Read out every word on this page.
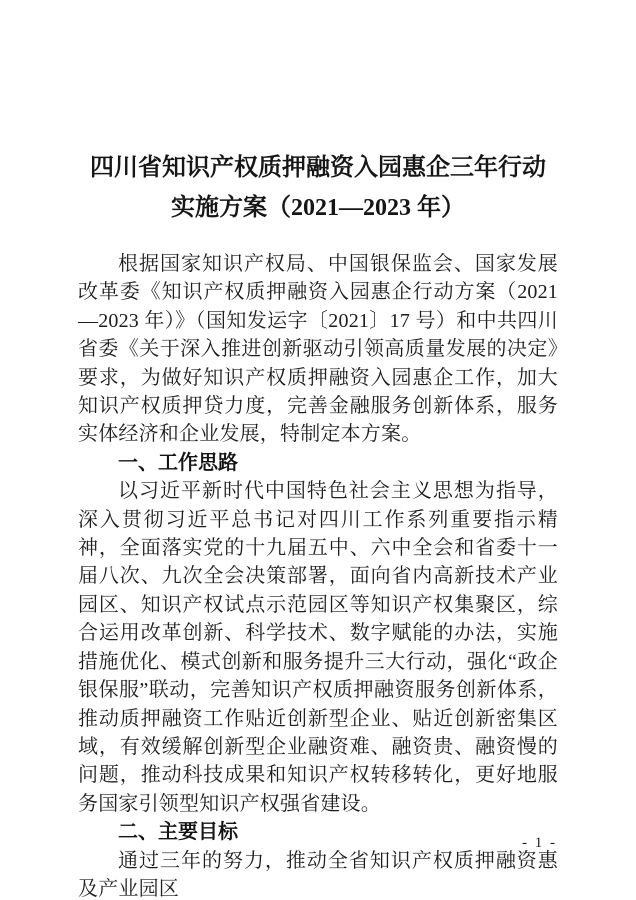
四川省知识产权质押融资入园惠企三年行动
实施方案（2021—2023 年）

根据国家知识产权局、中国银保监会、国家发展改革委《知识产权质押融资入园惠企行动方案（2021—2023 年）》（国知发运字〔2021〕17 号）和中共四川省委《关于深入推进创新驱动引领高质量发展的决定》要求，为做好知识产权质押融资入园惠企工作，加大知识产权质押贷力度，完善金融服务创新体系，服务实体经济和企业发展，特制定本方案。

一、工作思路

以习近平新时代中国特色社会主义思想为指导，深入贯彻习近平总书记对四川工作系列重要指示精神，全面落实党的十九届五中、六中全会和省委十一届八次、九次全会决策部署，面向省内高新技术产业园区、知识产权试点示范园区等知识产权集聚区，综合运用改革创新、科学技术、数字赋能的办法，实施措施优化、模式创新和服务提升三大行动，强化“政企银保服”联动，完善知识产权质押融资服务创新体系，推动质押融资工作贴近创新型企业、贴近创新密集区域，有效缓解创新型企业融资难、融资贵、融资慢的问题，推动科技成果和知识产权转移转化，更好地服务国家引领型知识产权强省建设。

二、主要目标

通过三年的努力，推动全省知识产权质押融资惠及产业园区

- 1 -
